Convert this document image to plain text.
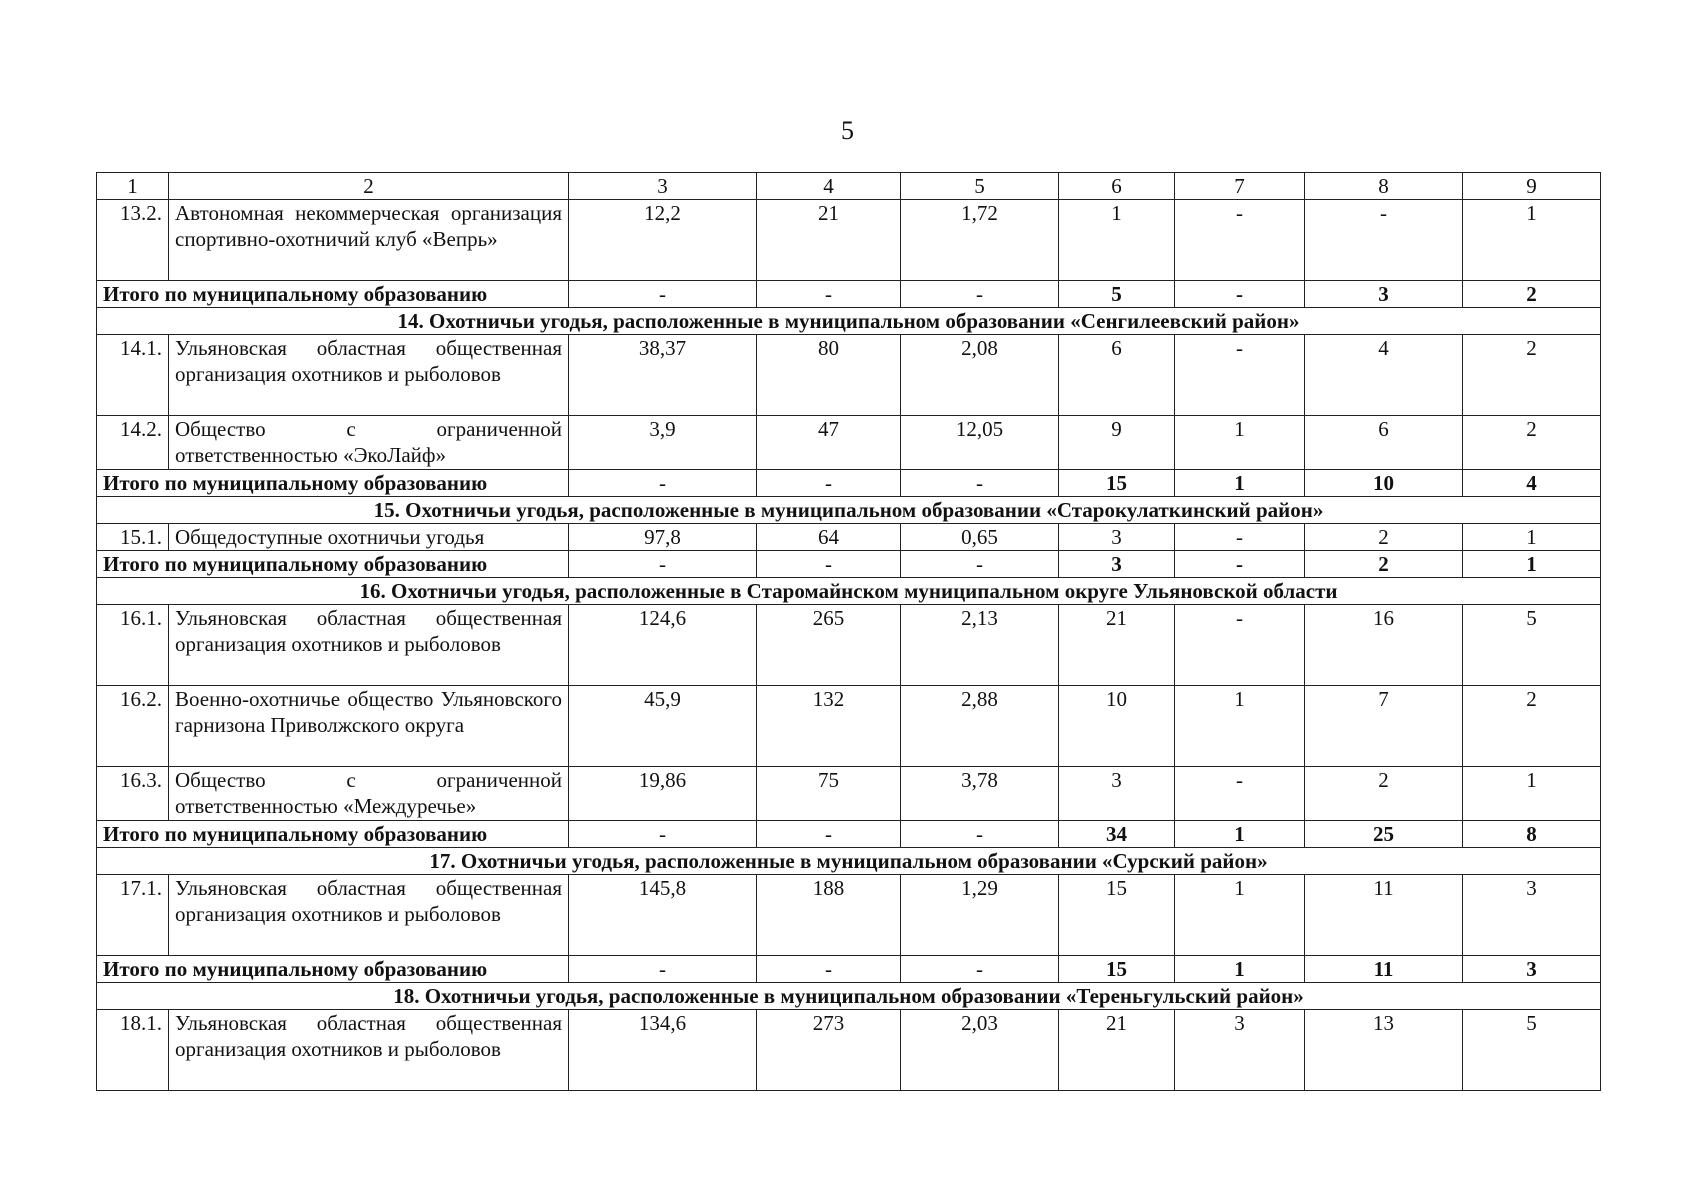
5
1	2	3	4	5	6	7	8	9
13.2.	Автономная некоммерческая организация спортивно-охотничий клуб «Вепрь»	12,2	21	1,72	1	-	-	1
Итого по муниципальному образованию		-	-	-	5	-	3	2
14. Охотничьи угодья, расположенные в муниципальном образовании «Сенгилеевский район»								
14.1.	Ульяновская областная общественная организация охотников и рыболовов	38,37	80	2,08	6	-	4	2
14.2.	Общество с ограниченной ответственностью «ЭкоЛайф»	3,9	47	12,05	9	1	6	2
Итого по муниципальному образованию		-	-	-	15	1	10	4
15. Охотничьи угодья, расположенные в муниципальном образовании «Старокулаткинский район»								
15.1.	Общедоступные охотничьи угодья	97,8	64	0,65	3	-	2	1
Итого по муниципальному образованию		-	-	-	3	-	2	1
16. Охотничьи угодья, расположенные в Старомайнском муниципальном округе Ульяновской области								
16.1.	Ульяновская областная общественная организация охотников и рыболовов	124,6	265	2,13	21	-	16	5
16.2.	Военно-охотничье общество Ульяновского гарнизона Приволжского округа	45,9	132	2,88	10	1	7	2
16.3.	Общество с ограниченной ответственностью «Междуречье»	19,86	75	3,78	3	-	2	1
Итого по муниципальному образованию		-	-	-	34	1	25	8
17. Охотничьи угодья, расположенные в муниципальном образовании «Сурский район»								
17.1.	Ульяновская областная общественная организация охотников и рыболовов	145,8	188	1,29	15	1	11	3
Итого по муниципальному образованию		-	-	-	15	1	11	3
18. Охотничьи угодья, расположенные в муниципальном образовании «Тереньгульский район»								
18.1.	Ульяновская областная общественная организация охотников и рыболовов	134,6	273	2,03	21	3	13	5
